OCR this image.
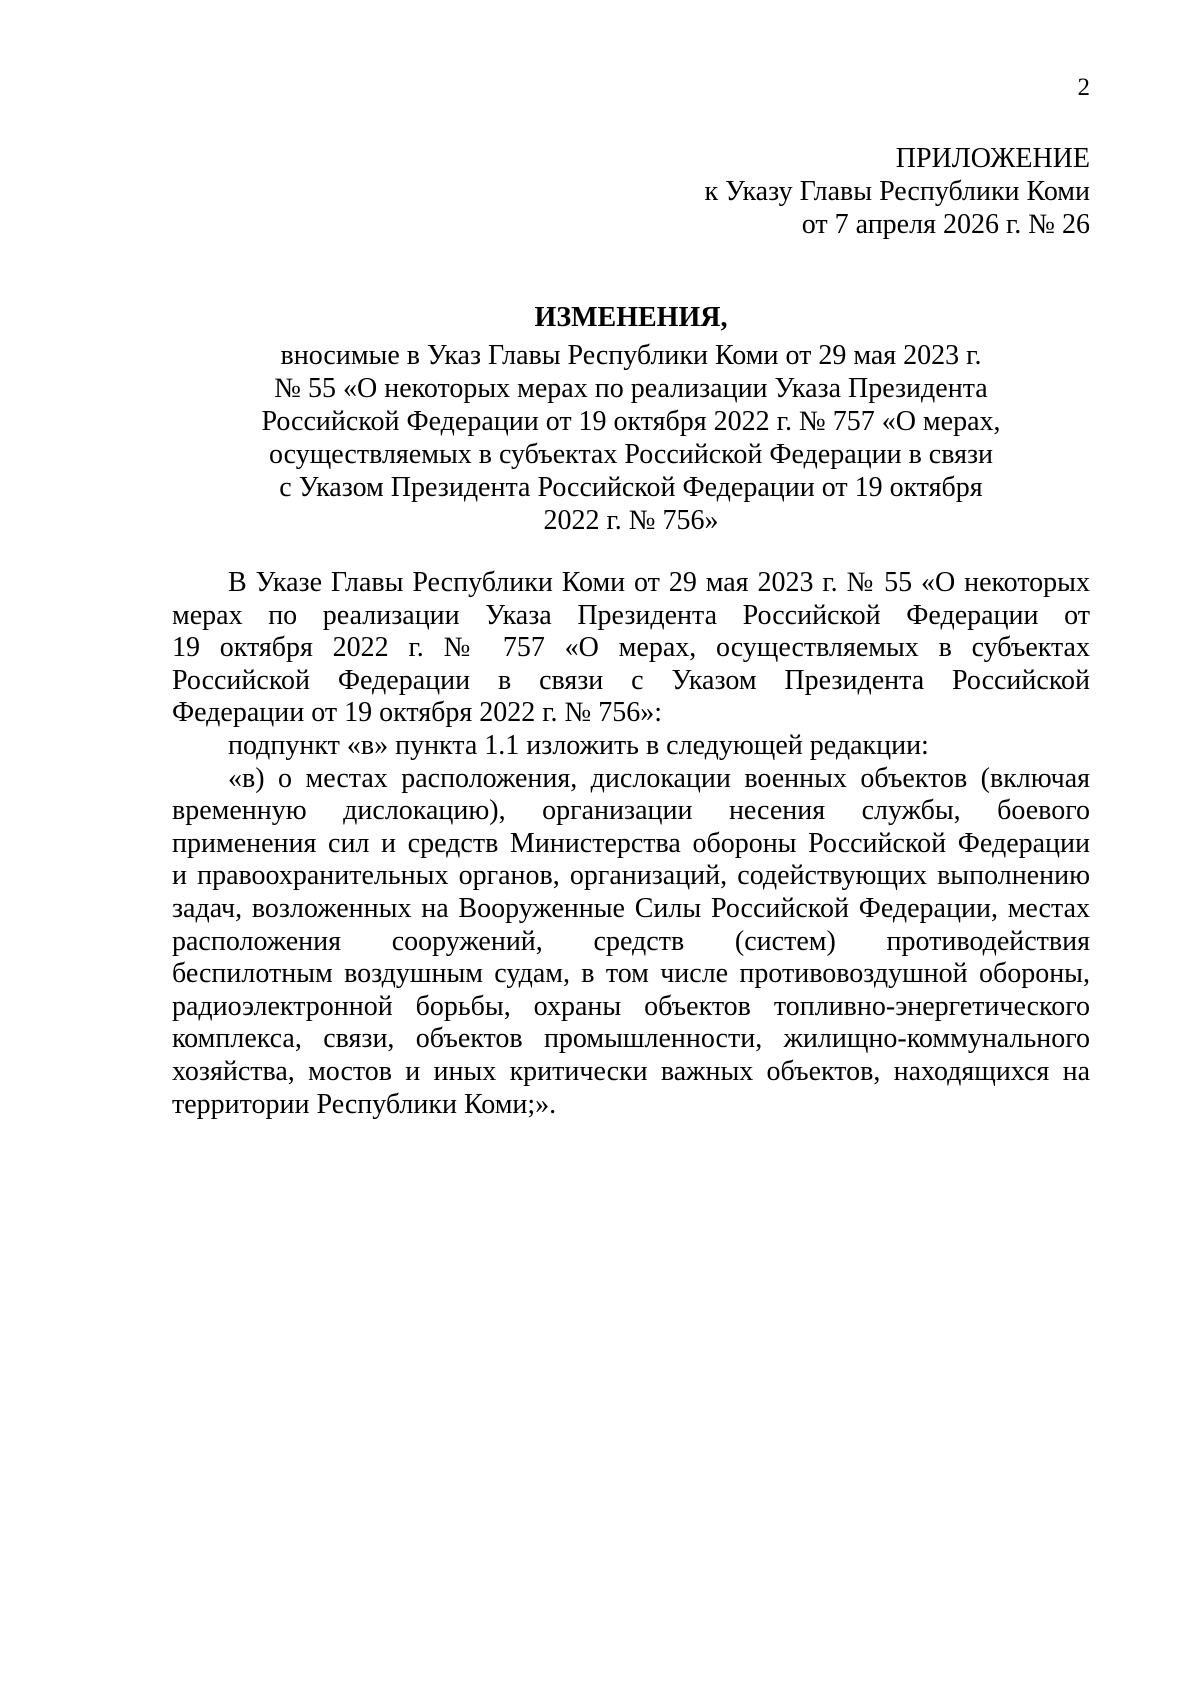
2
ПРИЛОЖЕНИЕ
к Указу Главы Республики Коми
от 7 апреля 2026 г. № 26
ИЗМЕНЕНИЯ,
вносимые в Указ Главы Республики Коми от 29 мая 2023 г.
№ 55 «О некоторых мерах по реализации Указа Президента
Российской Федерации от 19 октября 2022 г. № 757 «О мерах,
осуществляемых в субъектах Российской Федерации в связи
с Указом Президента Российской Федерации от 19 октября
2022 г. № 756»
В Указе Главы Республики Коми от 29 мая 2023 г. № 55 «О некоторых
мерах по реализации Указа Президента Российской Федерации от
19 октября 2022 г. № 757 «О мерах, осуществляемых в субъектах
Российской Федерации в связи с Указом Президента Российской
Федерации от 19 октября 2022 г. № 756»:
подпункт «в» пункта 1.1 изложить в следующей редакции:
«в) о местах расположения, дислокации военных объектов (включая
временную дислокацию), организации несения службы, боевого
применения сил и средств Министерства обороны Российской Федерации
и правоохранительных органов, организаций, содействующих выполнению
задач, возложенных на Вооруженные Силы Российской Федерации, местах
расположения сооружений, средств (систем) противодействия
беспилотным воздушным судам, в том числе противовоздушной обороны,
радиоэлектронной борьбы, охраны объектов топливно-энергетического
комплекса, связи, объектов промышленности, жилищно-коммунального
хозяйства, мостов и иных критически важных объектов, находящихся на
территории Республики Коми;».
